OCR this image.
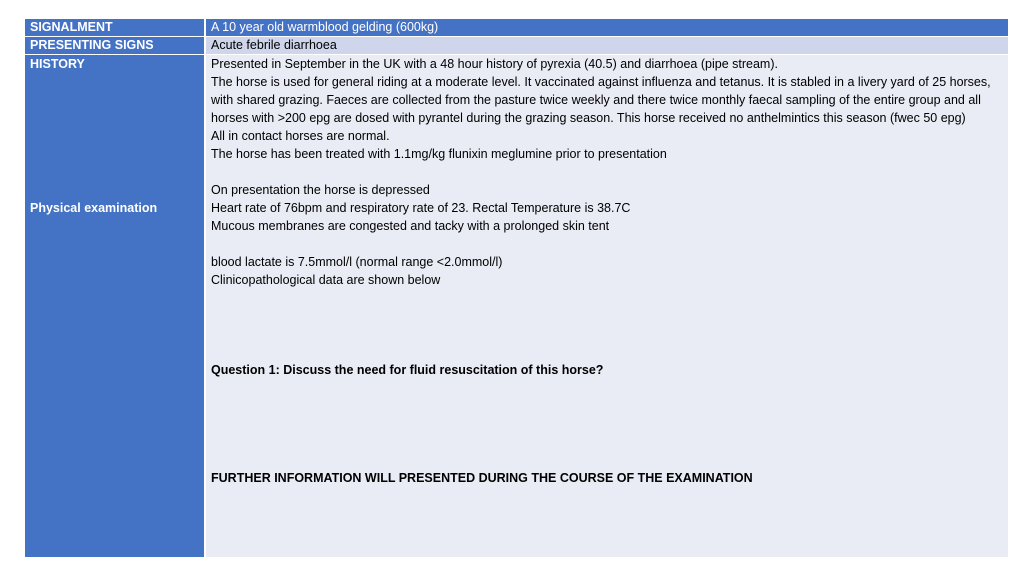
SIGNALMENT	A 10 year old warmblood gelding (600kg)
PRESENTING SIGNS	Acute febrile diarrhoea
HISTORY
Physical examination
Presented in September in the UK with a 48 hour history of pyrexia (40.5) and diarrhoea (pipe stream).
The horse is used for general riding at a moderate level. It vaccinated against influenza and tetanus. It is stabled in a livery yard of 25 horses, with shared grazing. Faeces are collected from the pasture twice weekly and there twice monthly faecal sampling of the entire group and all horses with >200 epg are dosed with pyrantel during the grazing season. This horse received no anthelmintics this season (fwec 50 epg)
All in contact horses are normal.
The horse has been treated with 1.1mg/kg flunixin meglumine prior to presentation
On presentation the horse is depressed
Heart rate of 76bpm and respiratory rate of 23. Rectal Temperature is 38.7C
Mucous membranes are congested and tacky with a prolonged skin tent
blood lactate is 7.5mmol/l (normal range <2.0mmol/l)
Clinicopathological data are shown below
Question 1: Discuss the need for fluid resuscitation of this horse?
FURTHER INFORMATION WILL PRESENTED DURING THE COURSE OF THE EXAMINATION
